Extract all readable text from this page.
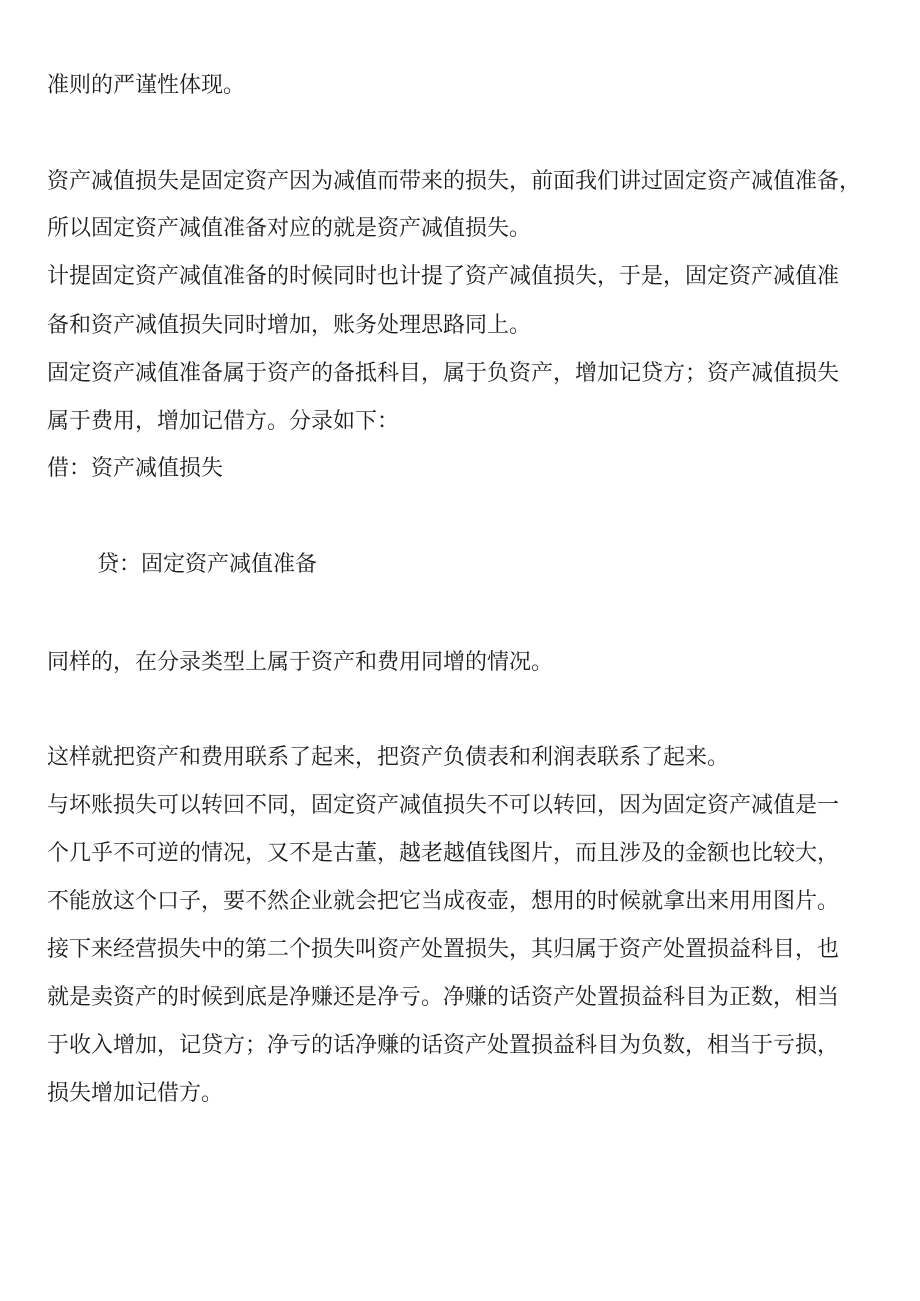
准则的严谨性体现。
资产减值损失是固定资产因为减值而带来的损失，前面我们讲过固定资产减值准备，
所以固定资产减值准备对应的就是资产减值损失。
计提固定资产减值准备的时候同时也计提了资产减值损失，于是，固定资产减值准
备和资产减值损失同时增加，账务处理思路同上。
固定资产减值准备属于资产的备抵科目，属于负资产，增加记贷方；资产减值损失
属于费用，增加记借方。分录如下：
借：资产减值损失
贷：固定资产减值准备
同样的，在分录类型上属于资产和费用同增的情况。
这样就把资产和费用联系了起来，把资产负债表和利润表联系了起来。
与坏账损失可以转回不同，固定资产减值损失不可以转回，因为固定资产减值是一
个几乎不可逆的情况，又不是古董，越老越值钱图片，而且涉及的金额也比较大，
不能放这个口子，要不然企业就会把它当成夜壶，想用的时候就拿出来用用图片。
接下来经营损失中的第二个损失叫资产处置损失，其归属于资产处置损益科目，也
就是卖资产的时候到底是净赚还是净亏。净赚的话资产处置损益科目为正数，相当
于收入增加，记贷方；净亏的话净赚的话资产处置损益科目为负数，相当于亏损，
损失增加记借方。
